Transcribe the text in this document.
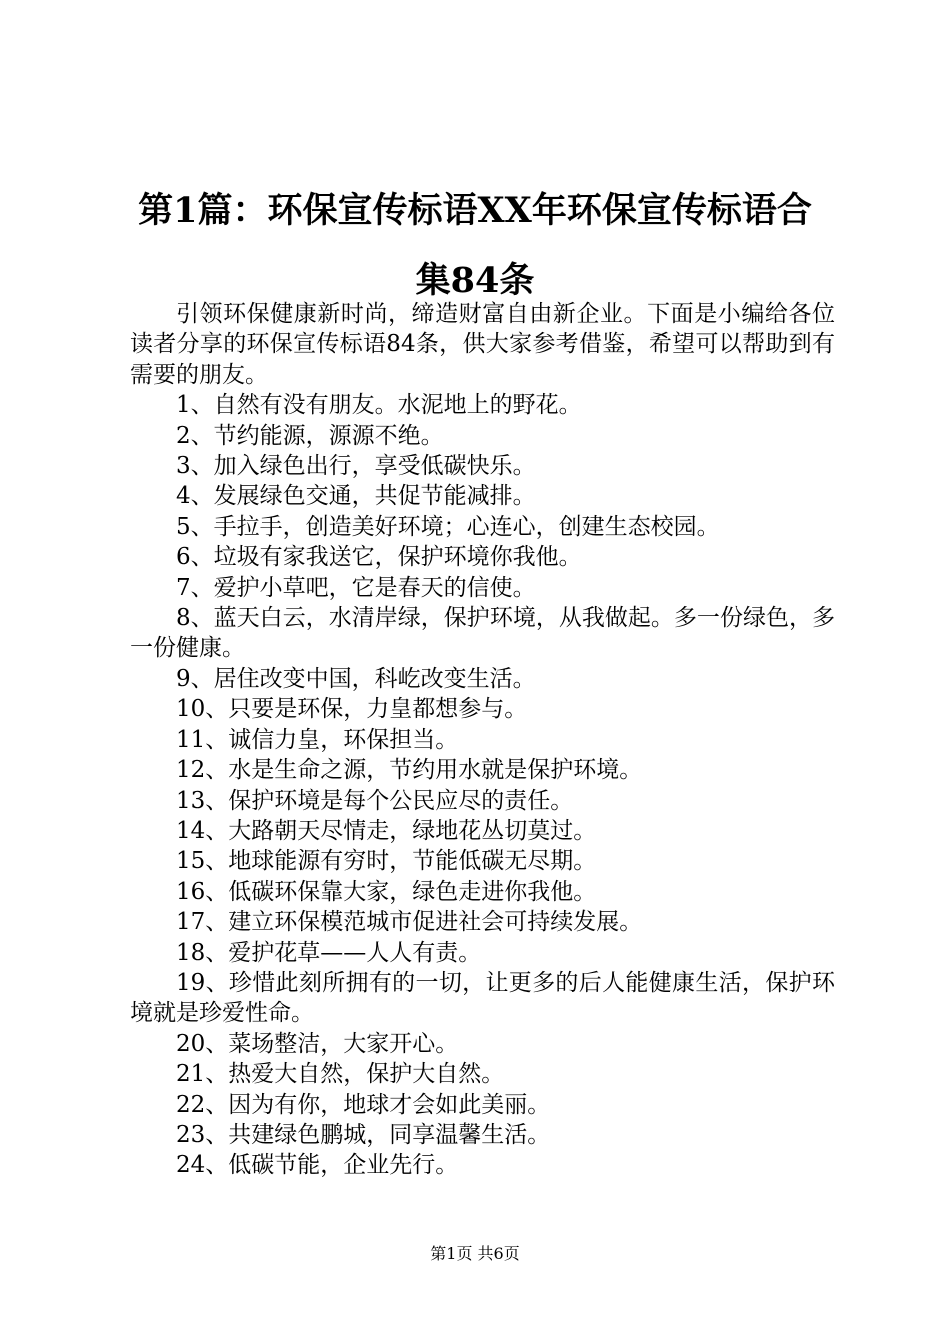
第1篇：环保宣传标语XX年环保宣传标语合
集84条

引领环保健康新时尚，缔造财富自由新企业。下面是小编给各位读者分享的环保宣传标语84条，供大家参考借鉴，希望可以帮助到有需要的朋友。

1、自然有没有朋友。水泥地上的野花。

2、节约能源，源源不绝。

3、加入绿色出行，享受低碳快乐。

4、发展绿色交通，共促节能减排。

5、手拉手，创造美好环境；心连心，创建生态校园。

6、垃圾有家我送它，保护环境你我他。

7、爱护小草吧，它是春天的信使。

8、蓝天白云，水清岸绿，保护环境，从我做起。多一份绿色，多一份健康。

9、居住改变中国，科屹改变生活。

10、只要是环保，力皇都想参与。

11、诚信力皇，环保担当。

12、水是生命之源，节约用水就是保护环境。

13、保护环境是每个公民应尽的责任。

14、大路朝天尽情走，绿地花丛切莫过。

15、地球能源有穷时，节能低碳无尽期。

16、低碳环保靠大家，绿色走进你我他。

17、建立环保模范城市促进社会可持续发展。

18、爱护花草——人人有责。

19、珍惜此刻所拥有的一切，让更多的后人能健康生活，保护环境就是珍爱性命。

20、菜场整洁，大家开心。

21、热爱大自然，保护大自然。

22、因为有你，地球才会如此美丽。

23、共建绿色鹏城，同享温馨生活。

24、低碳节能，企业先行。

第1页 共6页
